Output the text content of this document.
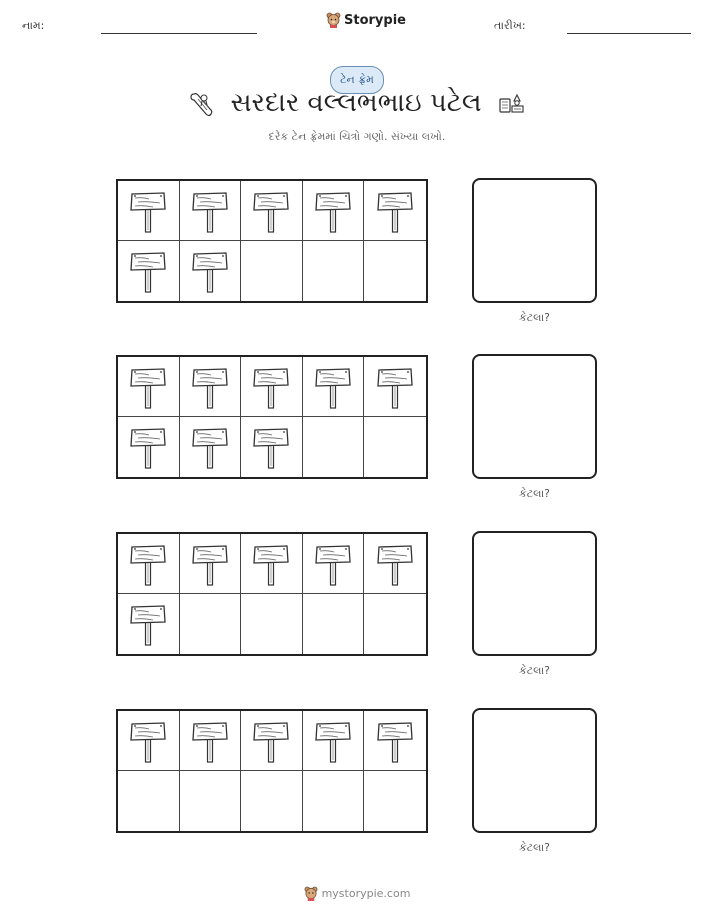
નામ:	Storypie	તારીખ:
ટેન ફ્રેમ
સરદાર વલ્લભભાઇ પટેલ
દરેક ટેન ફ્રેમમાં ચિત્રો ગણો. સંખ્યા લખો.
કેટલા?
કેટલા?
કેટલા?
કેટલા?
mystorypie.com
